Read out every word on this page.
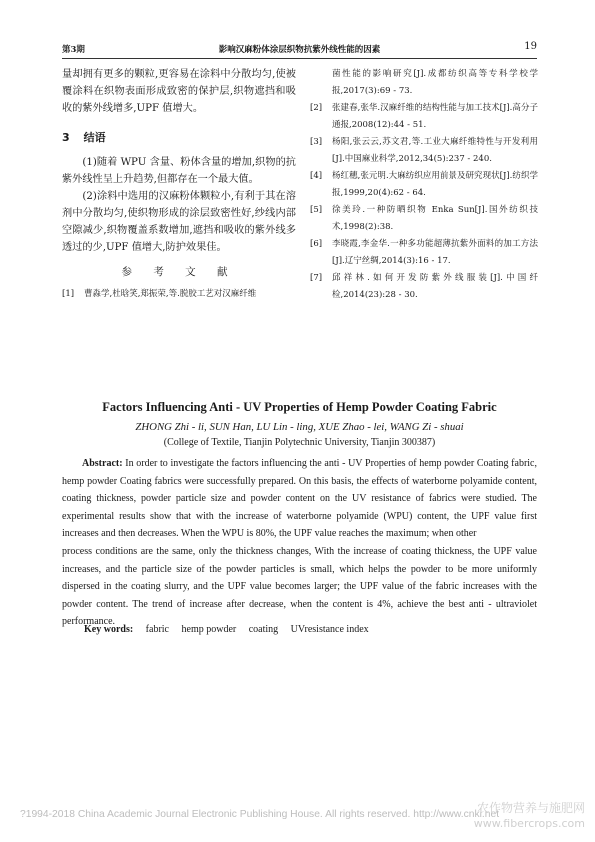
第3期	影响汉麻粉体涂层织物抗紫外线性能的因素	19

量却拥有更多的颗粒,更容易在涂料中分散均匀,使被覆涂料在织物表面形成致密的保护层,织物遮挡和吸收的紫外线增多,UPF 值增大。

3 结语

(1)随着 WPU 含量、粉体含量的增加,织物的抗紫外线性呈上升趋势,但都存在一个最大值。

(2)涂料中选用的汉麻粉体颗粒小,有利于其在溶剂中分散均匀,使织物形成的涂层致密性好,纱线内部空隙减少,织物覆盖系数增加,遮挡和吸收的紫外线多透过的少,UPF 值增大,防护效果佳。

参 考 文 献
[1] 曹淼学,杜晗笑,郑振荣,等.脱胶工艺对汉麻纤维
菌性能的影响研究[J].成都纺织高等专科学校学报,2017(3):69 - 73.
[2] 张建春,张华.汉麻纤维的结构性能与加工技术[J].高分子通报,2008(12):44 - 51.
[3] 杨阳,张云云,苏文君,等.工业大麻纤维特性与开发利用[J].中国麻业科学,2012,34(5):237 - 240.
[4] 杨红穗,张元明.大麻纺织应用前景及研究现状[J].纺织学报,1999,20(4):62 - 64.
[5] 徐美玲.一种防晒织物 Enka Sun[J].国外纺织技术,1998(2):38.
[6] 李晓霞,李金华.一种多功能超薄抗紫外面料的加工方法[J].辽宁丝绸,2014(3):16 - 17.
[7] 邱祥林.如何开发防紫外线服装[J].中国纤检,2014(23):28 - 30.
Factors Influencing Anti - UV Properties of Hemp Powder Coating Fabric
ZHONG Zhi - li, SUN Han, LU Lin - ling, XUE Zhao - lei, WANG Zi - shuai
(College of Textile, Tianjin Polytechnic University, Tianjin 300387)

Abstract: In order to investigate the factors influencing the anti - UV Properties of hemp powder Coating fabric, hemp powder Coating fabrics were successfully prepared. On this basis, the effects of waterborne polyamide content, coating thickness, powder particle size and powder content on the UV resistance of fabrics were studied. The experimental results show that with the increase of waterborne polyamide (WPU) content, the UPF value first increases and then decreases. When the WPU is 80%, the UPF value reaches the maximum; when other

process conditions are the same, only the thickness changes, With the increase of coating thickness, the UPF value increases, and the particle size of the powder particles is small, which helps the powder to be more uniformly dispersed in the coating slurry, and the UPF value becomes larger; the UPF value of the fabric increases with the powder content. The trend of increase after decrease, when the content is 4%, achieve the best anti - ultraviolet performance.

Key words: fabric hemp powder coating UVresistance index
?1994-2018 China Academic Journal Electronic Publishing House. All rights reserved. http://www.cnki.net
农作物营养与施肥网
www.fibercrops.com
